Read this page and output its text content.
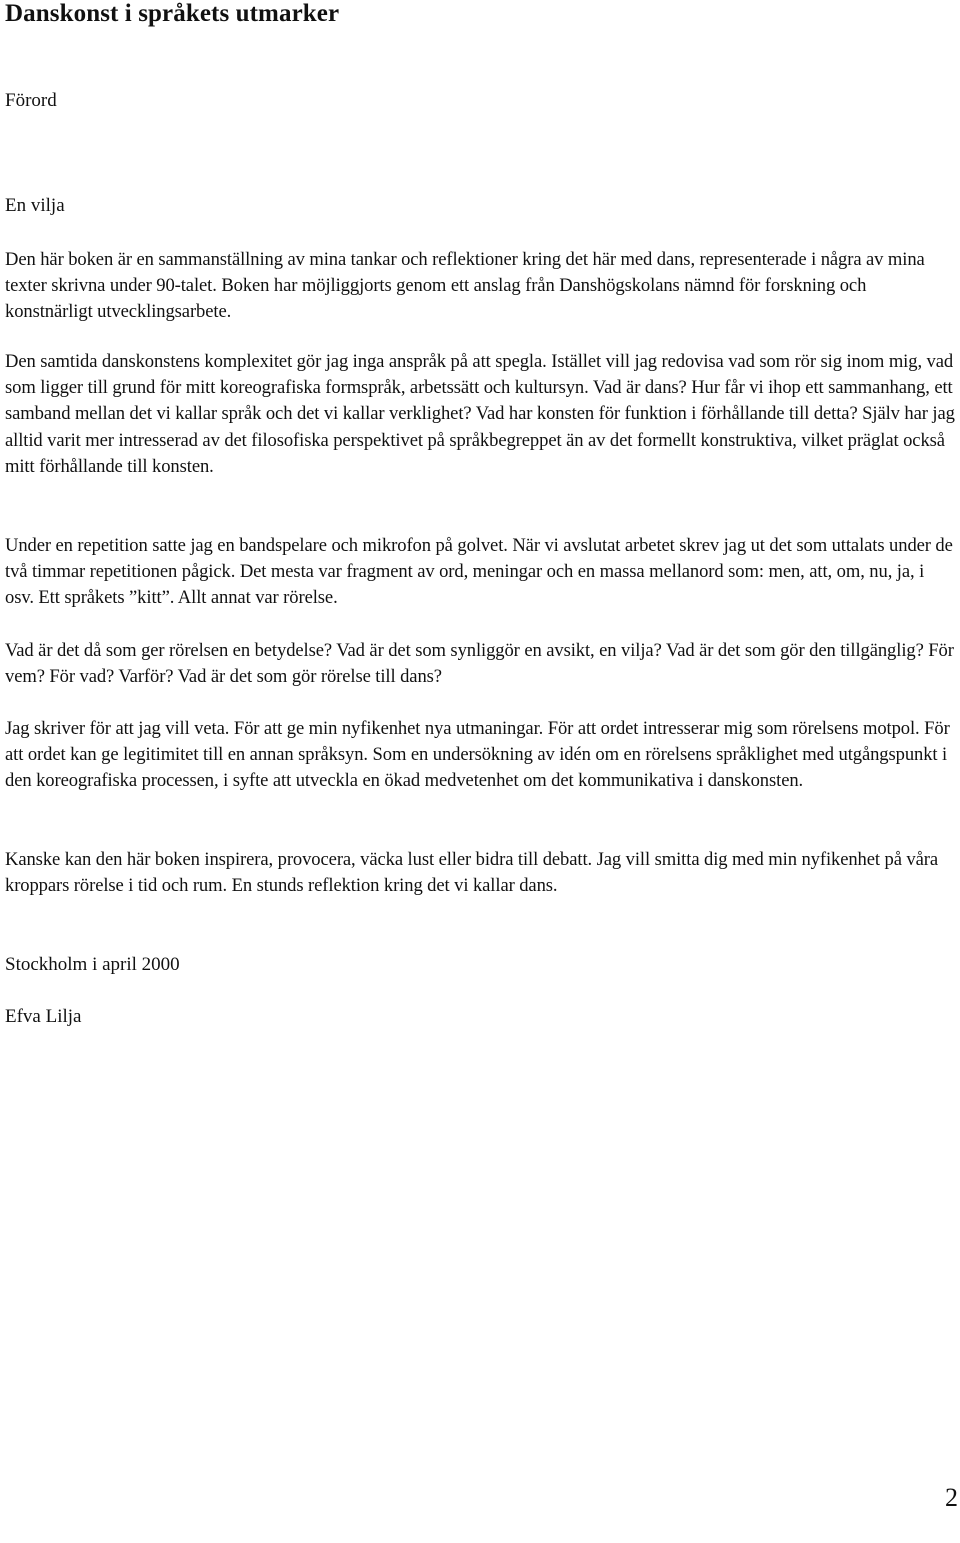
Danskonst i språkets utmarker
Förord
En vilja

Den här boken är en sammanställning av mina tankar och reflektioner kring det här med dans, representerade i några av mina texter skrivna under 90-talet. Boken har möjliggjorts genom ett anslag från Danshögskolans nämnd för forskning och konstnärligt utvecklingsarbete.

Den samtida danskonstens komplexitet gör jag inga anspråk på att spegla. Istället vill jag redovisa vad som rör sig inom mig, vad som ligger till grund för mitt koreografiska formspråk, arbetssätt och kultursyn. Vad är dans? Hur får vi ihop ett sammanhang, ett samband mellan det vi kallar språk och det vi kallar verklighet? Vad har konsten för funktion i förhållande till detta? Själv har jag alltid varit mer intresserad av det filosofiska perspektivet på språkbegreppet än av det formellt konstruktiva, vilket präglat också mitt förhållande till konsten.

Under en repetition satte jag en bandspelare och mikrofon på golvet. När vi avslutat arbetet skrev jag ut det som uttalats under de två timmar repetitionen pågick. Det mesta var fragment av ord, meningar och en massa mellanord som: men, att, om, nu, ja, i osv. Ett språkets ”kitt”. Allt annat var rörelse.

Vad är det då som ger rörelsen en betydelse? Vad är det som synliggör en avsikt, en vilja? Vad är det som gör den tillgänglig? För vem? För vad? Varför? Vad är det som gör rörelse till dans?

Jag skriver för att jag vill veta. För att ge min nyfikenhet nya utmaningar. För att ordet intresserar mig som rörelsens motpol. För att ordet kan ge legitimitet till en annan språksyn. Som en undersökning av idén om en rörelsens språklighet med utgångspunkt i den koreografiska processen, i syfte att utveckla en ökad medvetenhet om det kommunikativa i danskonsten.

Kanske kan den här boken inspirera, provocera, väcka lust eller bidra till debatt. Jag vill smitta dig med min nyfikenhet på våra kroppars rörelse i tid och rum. En stunds reflektion kring det vi kallar dans.

Stockholm i april 2000

Efva Lilja

2
